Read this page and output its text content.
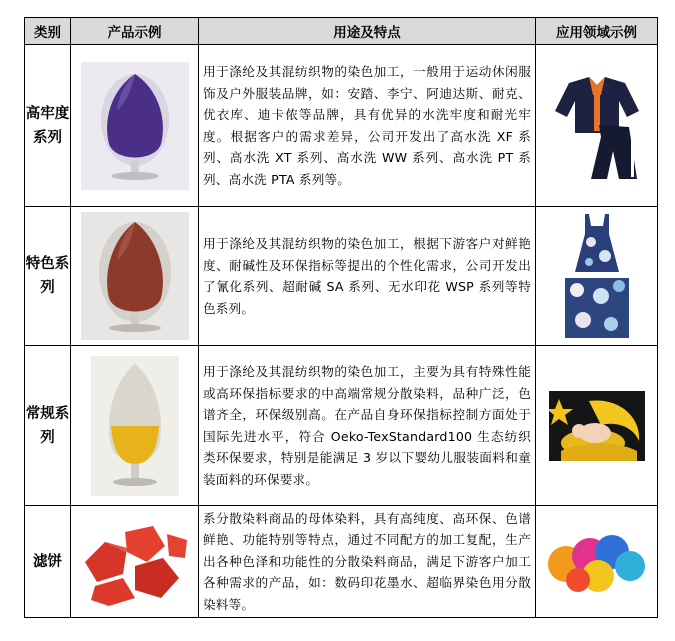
类别	产品示例	用途及特点	应用领域示例
高牢度
系列		用于涤纶及其混纺织物的染色加工，一般用于运动休闲服饰及户外服装品牌，如：安踏、李宁、阿迪达斯、耐克、优衣库、迪卡侬等品牌，具有优异的水洗牢度和耐光牢度。根据客户的需求差异，公司开发出了高水洗 XF 系列、高水洗 XT 系列、高水洗 WW 系列、高水洗 PT 系列、高水洗 PTA 系列等。	

特色系
列		用于涤纶及其混纺织物的染色加工，根据下游客户对鲜艳度、耐碱性及环保指标等提出的个性化需求，公司开发出了氰化系列、超耐碱 SA 系列、无水印花 WSP 系列等特色系列。	

常规系
列		用于涤纶及其混纺织物的染色加工，主要为具有特殊性能或高环保指标要求的中高端常规分散染料，品种广泛，色谱齐全，环保级别高。在产品自身环保指标控制方面处于国际先进水平，符合 Oeko-TexStandard100 生态纺织类环保要求，特别是能满足 3 岁以下婴幼儿服装面料和童装面料的环保要求。	

滤饼		系分散染料商品的母体染料，具有高纯度、高环保、色谱鲜艳、功能特别等特点，通过不同配方的加工复配，生产出各种色泽和功能性的分散染料商品，满足下游客户加工各种需求的产品，如：数码印花墨水、超临界染色用分散染料等。	
